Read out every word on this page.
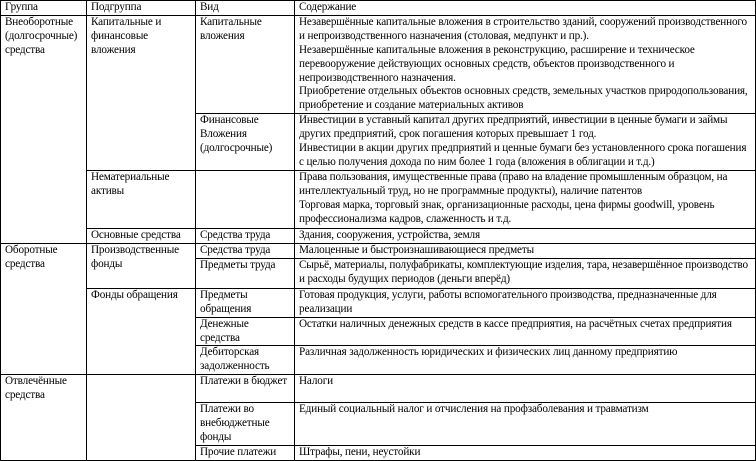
Группа	Подгруппа	Вид	Содержание
Внеоборотные (долгосрочные) средства	Капитальные и финансовые вложения	Капитальные вложения	Незавершённые капитальные вложения в строительство зданий, сооружений производственного и непроизводственного назначения (столовая, медпункт и пр.).
Незавершённые капитальные вложения в реконструкцию, расширение и техническое перевооружение действующих основных средств, объектов производственного и непроизводственного назначения.
Приобретение отдельных объектов основных средств, земельных участков природопользования, приобретение и создание материальных активов

		Финансовые Вложения (долгосрочные)	Инвестиции в уставный капитал других предприятий, инвестиции в ценные бумаги и займы других предприятий, срок погашения которых превышает 1 год.
Инвестиции в акции других предприятий и ценные бумаги без установленного срока погашения с целью получения дохода по ним более 1 года (вложения в облигации и т.д.)

	Нематериальные активы		Права пользования, имущественные права (право на владение промышленным образцом, на интеллектуальный труд, но не программные продукты), наличие патентов
Торговая марка, торговый знак, организационные расходы, цена фирмы goodwill, уровень профессионализма кадров, слаженность и т.д.

	Основные средства	Средства труда	Здания, сооружения, устройства, земля
Оборотные средства	Производственные фонды	Средства труда	Малоценные и быстроизнашивающиеся предметы
		Предметы труда	Сырьё, материалы, полуфабрикаты, комплектующие изделия, тара, незавершённое производство и расходы будущих периодов (деньги вперёд)
	Фонды обращения	Предметы обращения	Готовая продукция, услуги, работы вспомогательного производства, предназначенные для реализации
		Денежные средства	Остатки наличных денежных средств в кассе предприятия, на расчётных счетах предприятия
		Дебиторская задолженность	Различная задолженность юридических и физических лиц данному предприятию
Отвлечённые средства		Платежи в бюджет	Налоги
		Платежи во внебюджетные фонды	Единый социальный налог и отчисления на профзаболевания и травматизм
		Прочие платежи	Штрафы, пени, неустойки
